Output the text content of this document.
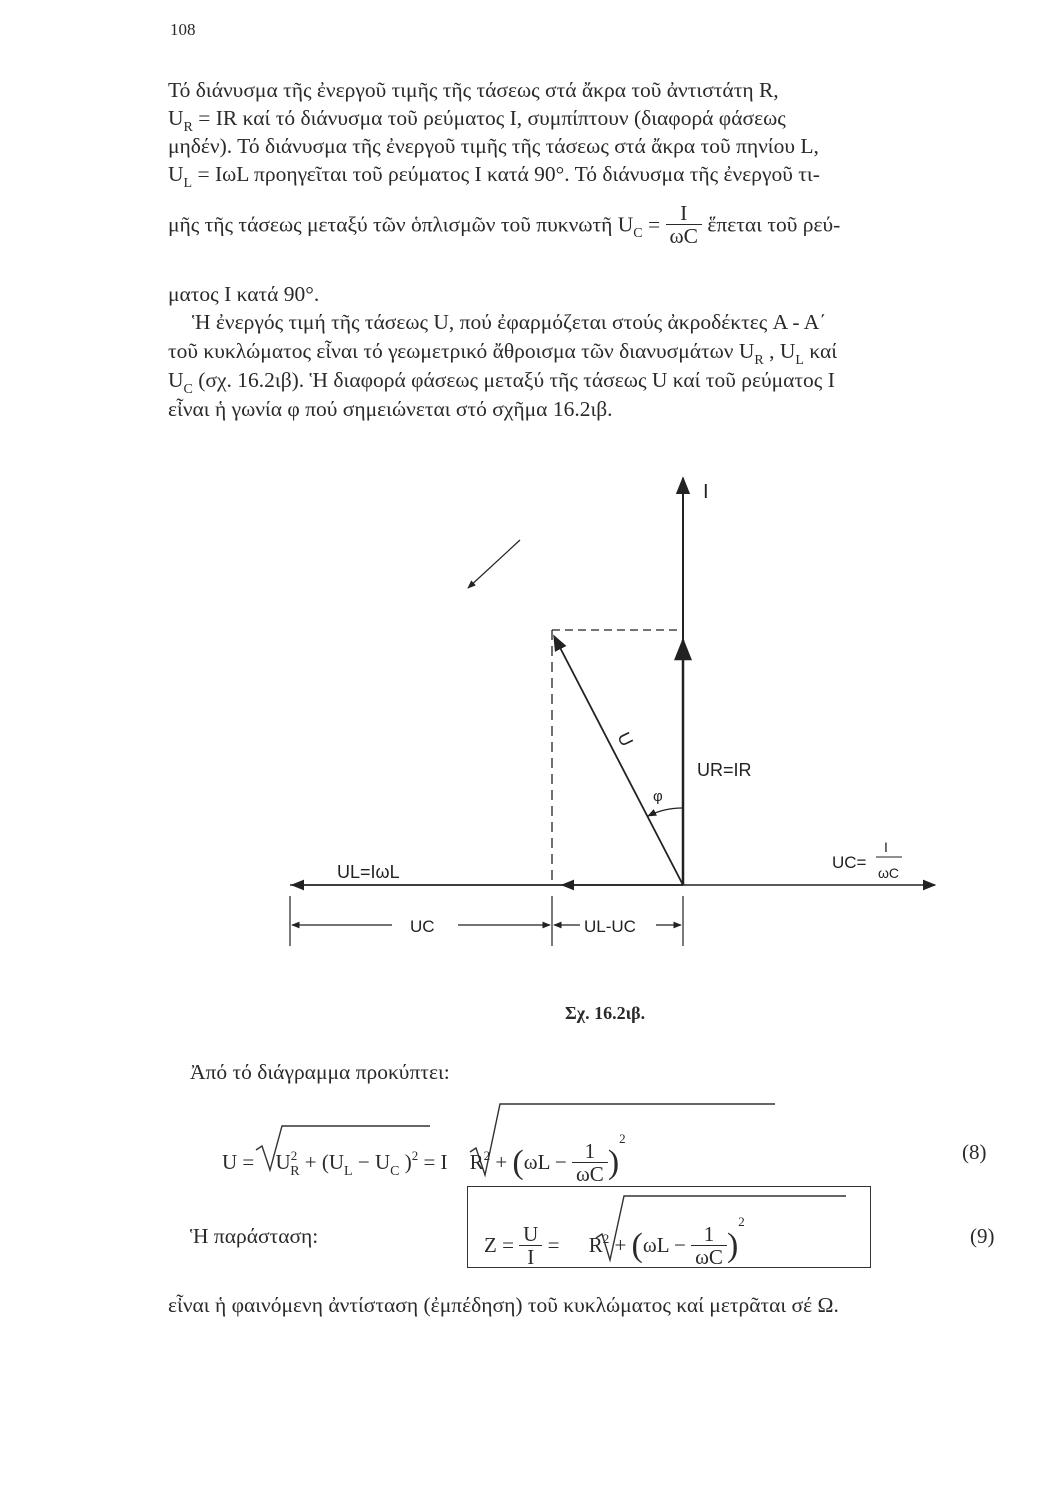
108
Τό διάνυσμα τῆς ἐνεργοῦ τιμῆς τῆς τάσεως στά ἄκρα τοῦ ἀντιστάτη R,
$U_R$ = IR καί τό διάνυσμα τοῦ ρεύματος I, συμπίπτουν (διαφορά φάσεως
μηδέν). Τό διάνυσμα τῆς ἐνεργοῦ τιμῆς τῆς τάσεως στά ἄκρα τοῦ πηνίου L,
$U_L = I\omega L$ προηγεῖται τοῦ ρεύματος I κατά 90°. Τό διάνυσμα τῆς ἐνεργοῦ τι-
μῆς τῆς τάσεως μεταξύ τῶν ὁπλισμῶν τοῦ πυκνωτῆ $U_C = \frac{I}{\omega C}$ ἕπεται τοῦ ρεύ-
ματος I κατά 90°.
Ἡ ἐνεργός τιμή τῆς τάσεως U, πού ἐφαρμόζεται στούς ἀκροδέκτες A - A΄
τοῦ κυκλώματος εἶναι τό γεωμετρικό ἄθροισμα τῶν διανυσμάτων $U_R$ , $U_L$ καί
$U_C$ (σχ. 16.2ιβ). Ἡ διαφορά φάσεως μεταξύ τῆς τάσεως U καί τοῦ ρεύματος I
εἶναι ἡ γωνία φ πού σημειώνεται στό σχῆμα 16.2ιβ.
I
U
φ
UR=IR
UL=IωL	UC=
I
ωC
UC	UL-UC
Σχ. 16.2ιβ.
Ἀπό τό διάγραμμα προκύπτει:
$U = U^2_R + (U_L - U_C$ )$^2$ = I $R^2 + (\omega L - \frac{1}{\omega C} )^2$
(8)
Ἡ παράσταση:	$Z = \frac{U}{I} = R^2 + (\omega L - \frac{1}{\omega C} )^2$
(9)
εἶναι ἡ φαινόμενη ἀντίσταση (ἐμπέδηση) τοῦ κυκλώματος καί μετρᾶται σέ Ω.
